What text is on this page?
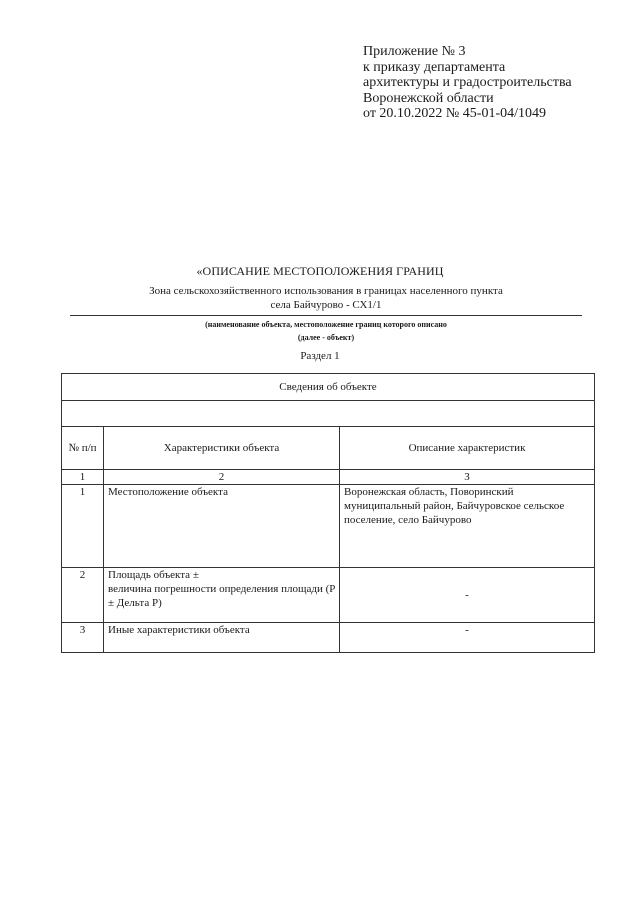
Приложение № 3
к приказу департамента
архитектуры и градостроительства
Воронежской области
от 20.10.2022 № 45-01-04/1049
«ОПИСАНИЕ МЕСТОПОЛОЖЕНИЯ ГРАНИЦ
Зона сельскохозяйственного использования в границах населенного пункта
села Байчурово - СХ1/1
(наименование объекта, местоположение границ которого описано
(далее - объект)
Раздел 1
Сведения об объекте		

№ п/п	Характеристики объекта	Описание характеристик
1	2	3
1	Местоположение объекта	Воронежская область, Поворинский муниципальный район, Байчуровское сельское поселение, село Байчурово
2	Площадь объекта ±
величина погрешности определения площади (P ± Дельта P)	-
3	Иные характеристики объекта	-
